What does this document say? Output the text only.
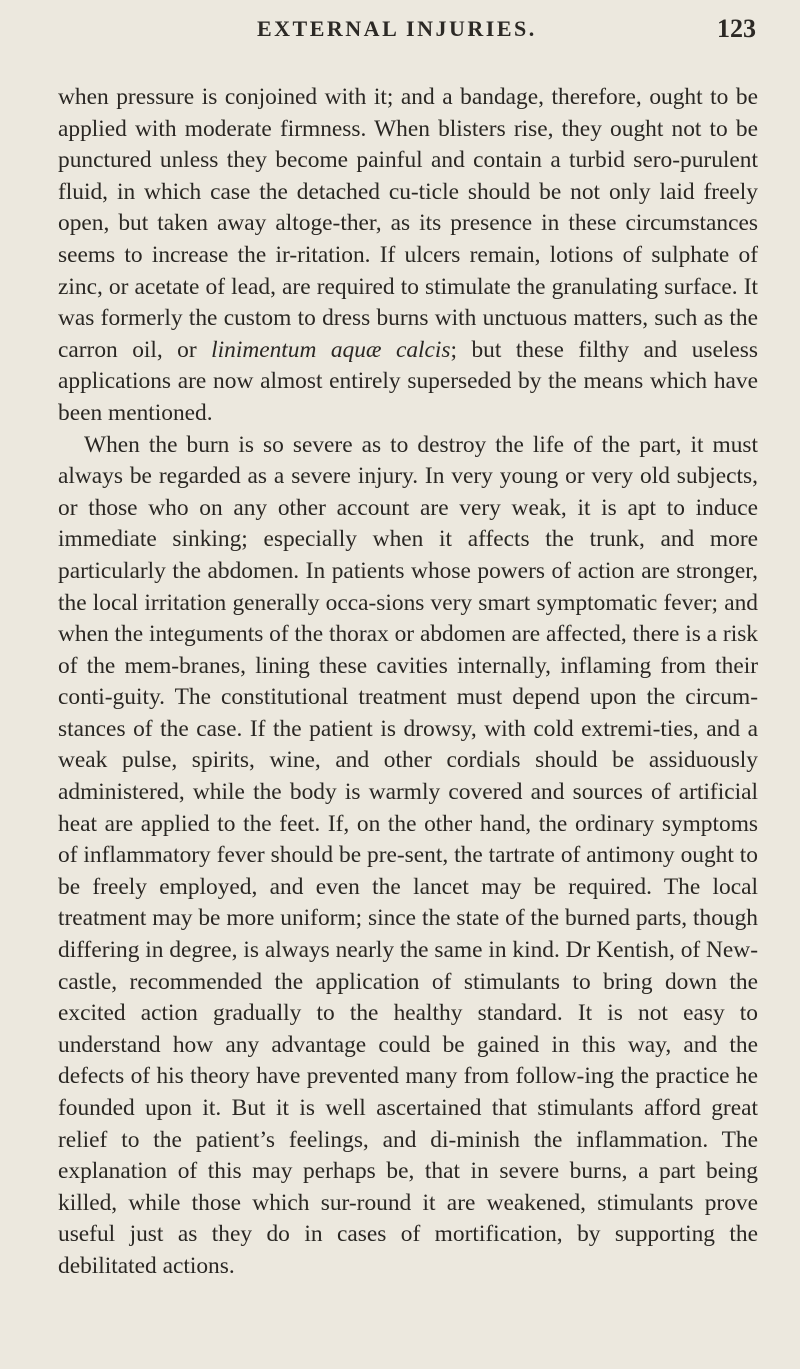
EXTERNAL INJURIES.	123

when pressure is conjoined with it; and a bandage, therefore, ought to be applied with moderate firmness. When blisters rise, they ought not to be punctured unless they become painful and contain a turbid sero-purulent fluid, in which case the detached cu-ticle should be not only laid freely open, but taken away altoge-ther, as its presence in these circumstances seems to increase the ir-ritation. If ulcers remain, lotions of sulphate of zinc, or acetate of lead, are required to stimulate the granulating surface. It was formerly the custom to dress burns with unctuous matters, such as the carron oil, or linimentum aquæ calcis; but these filthy and useless applications are now almost entirely superseded by the means which have been mentioned.

When the burn is so severe as to destroy the life of the part, it must always be regarded as a severe injury. In very young or very old subjects, or those who on any other account are very weak, it is apt to induce immediate sinking; especially when it affects the trunk, and more particularly the abdomen. In patients whose powers of action are stronger, the local irritation generally occa-sions very smart symptomatic fever; and when the integuments of the thorax or abdomen are affected, there is a risk of the mem-branes, lining these cavities internally, inflaming from their conti-guity. The constitutional treatment must depend upon the circum-stances of the case. If the patient is drowsy, with cold extremi-ties, and a weak pulse, spirits, wine, and other cordials should be assiduously administered, while the body is warmly covered and sources of artificial heat are applied to the feet. If, on the other hand, the ordinary symptoms of inflammatory fever should be pre-sent, the tartrate of antimony ought to be freely employed, and even the lancet may be required. The local treatment may be more uniform; since the state of the burned parts, though differing in degree, is always nearly the same in kind. Dr Kentish, of New-castle, recommended the application of stimulants to bring down the excited action gradually to the healthy standard. It is not easy to understand how any advantage could be gained in this way, and the defects of his theory have prevented many from follow-ing the practice he founded upon it. But it is well ascertained that stimulants afford great relief to the patient’s feelings, and di-minish the inflammation. The explanation of this may perhaps be, that in severe burns, a part being killed, while those which sur-round it are weakened, stimulants prove useful just as they do in cases of mortification, by supporting the debilitated actions.
